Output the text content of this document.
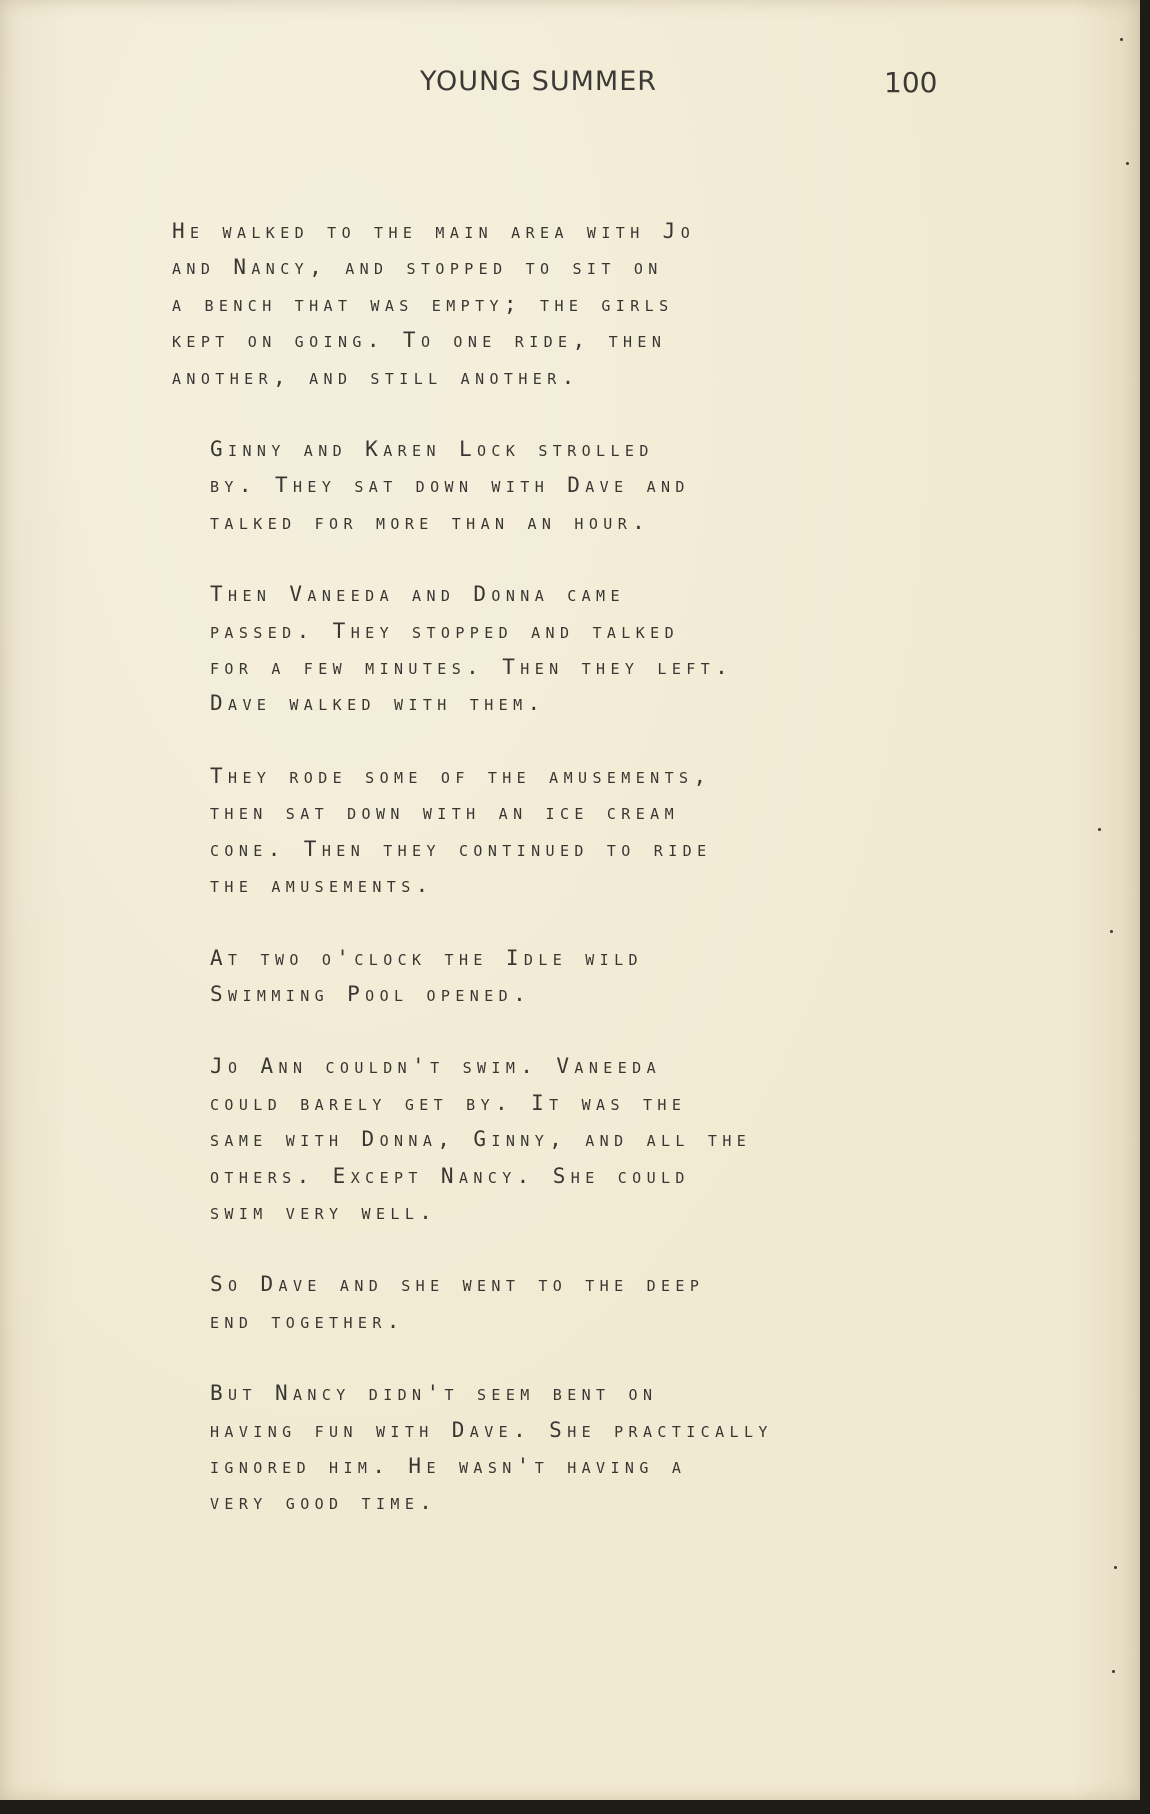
YOUNG SUMMER	100

He walked to the main area with Jo
and Nancy, and stopped to sit on
a bench that was empty; the girls
kept on going. To one ride, then
another, and still another.

Ginny and Karen Lock strolled
by. They sat down with Dave and
talked for more than an hour.

Then Vaneeda and Donna came
passed. They stopped and talked
for a few minutes. Then they left.
Dave walked with them.

They rode some of the amusements,
then sat down with an ice cream
cone. Then they continued to ride
the amusements.

At two o'clock the Idle wild
Swimming Pool opened.

Jo Ann couldn't swim. Vaneeda
could barely get by. It was the
same with Donna, Ginny, and all the
others. Except Nancy. She could
swim very well.

So Dave and she went to the deep
end together.

But Nancy didn't seem bent on
having fun with Dave. She practically
ignored him. He wasn't having a
very good time.
